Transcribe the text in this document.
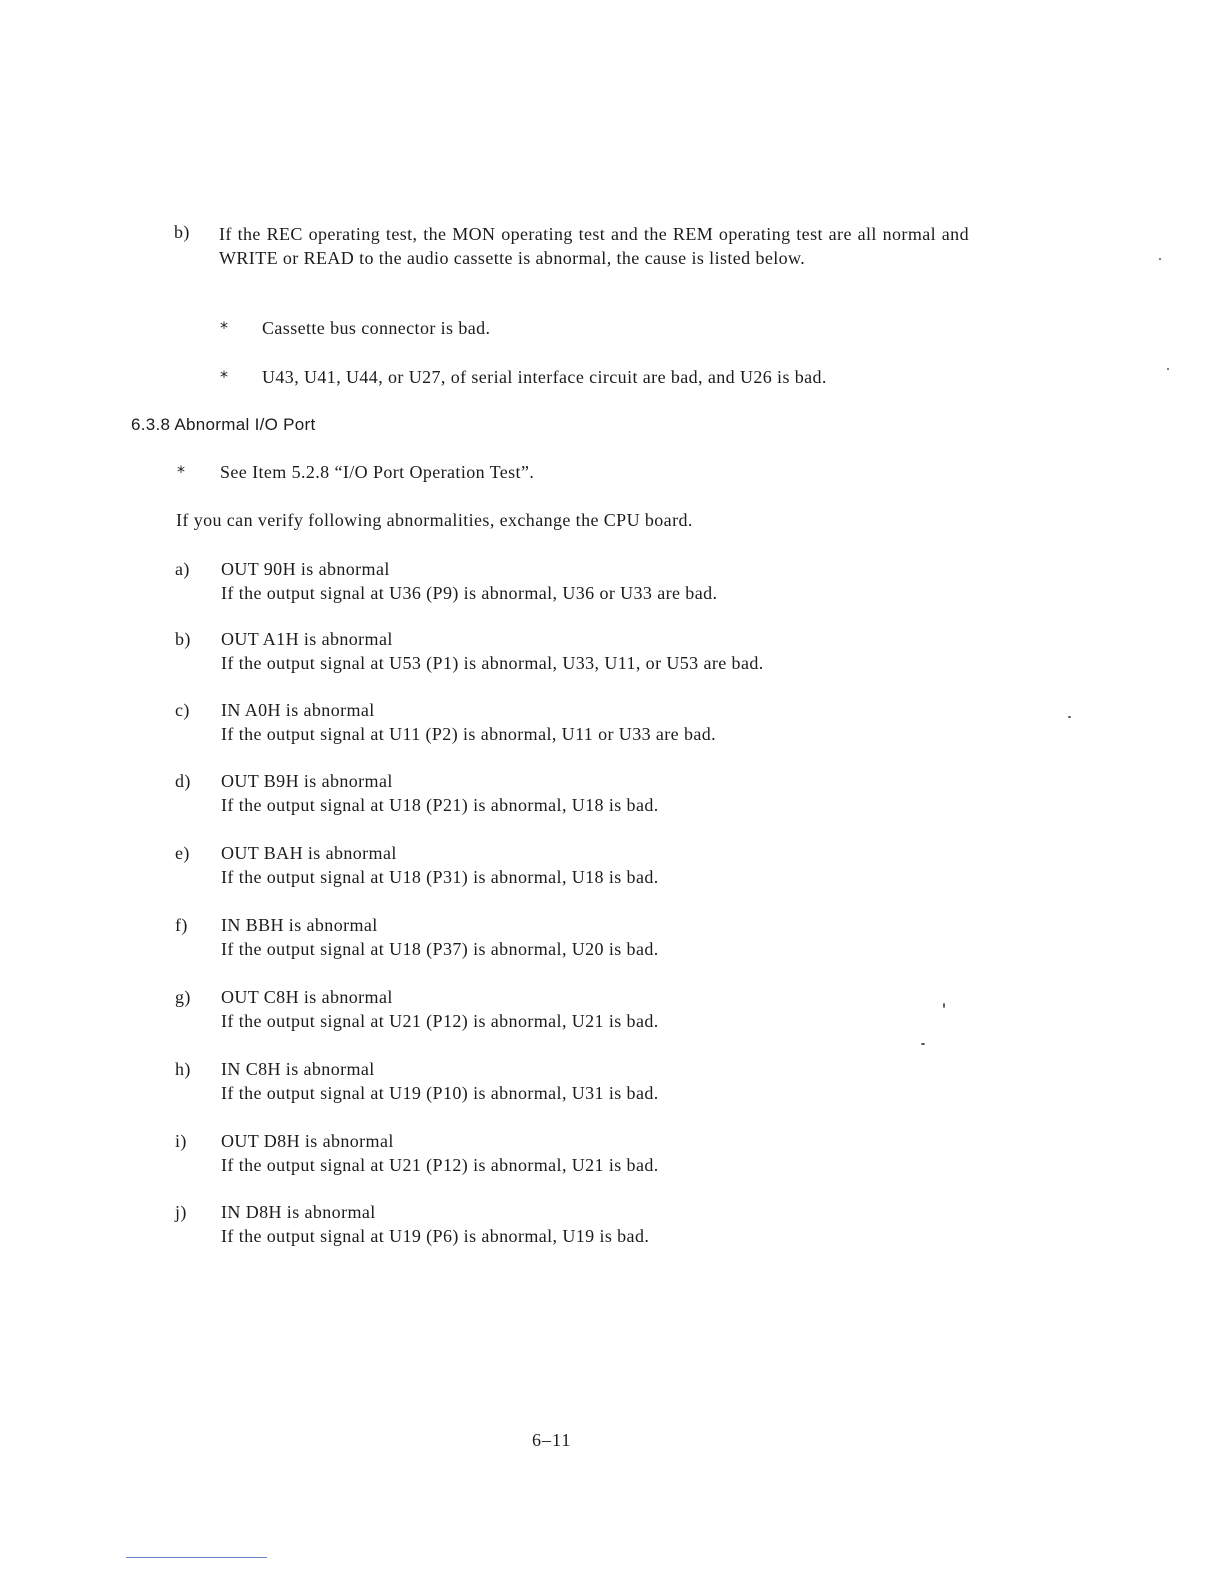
b) If the REC operating test, the MON operating test and the REM operating test are all normal and WRITE or READ to the audio cassette is abnormal, the cause is listed below.
* Cassette bus connector is bad.
* U43, U41, U44, or U27, of serial interface circuit are bad, and U26 is bad.
6.3.8 Abnormal I/O Port
* See Item 5.2.8 “I/O Port Operation Test”.
If you can verify following abnormalities, exchange the CPU board.
a) OUT 90H is abnormal
If the output signal at U36 (P9) is abnormal, U36 or U33 are bad.
b) OUT A1H is abnormal
If the output signal at U53 (P1) is abnormal, U33, U11, or U53 are bad.
c) IN A0H is abnormal
If the output signal at U11 (P2) is abnormal, U11 or U33 are bad.
d) OUT B9H is abnormal
If the output signal at U18 (P21) is abnormal, U18 is bad.
e) OUT BAH is abnormal
If the output signal at U18 (P31) is abnormal, U18 is bad.
f) IN BBH is abnormal
If the output signal at U18 (P37) is abnormal, U20 is bad.
g) OUT C8H is abnormal
If the output signal at U21 (P12) is abnormal, U21 is bad.
h) IN C8H is abnormal
If the output signal at U19 (P10) is abnormal, U31 is bad.
i) OUT D8H is abnormal
If the output signal at U21 (P12) is abnormal, U21 is bad.
j) IN D8H is abnormal
If the output signal at U19 (P6) is abnormal, U19 is bad.
6–11
